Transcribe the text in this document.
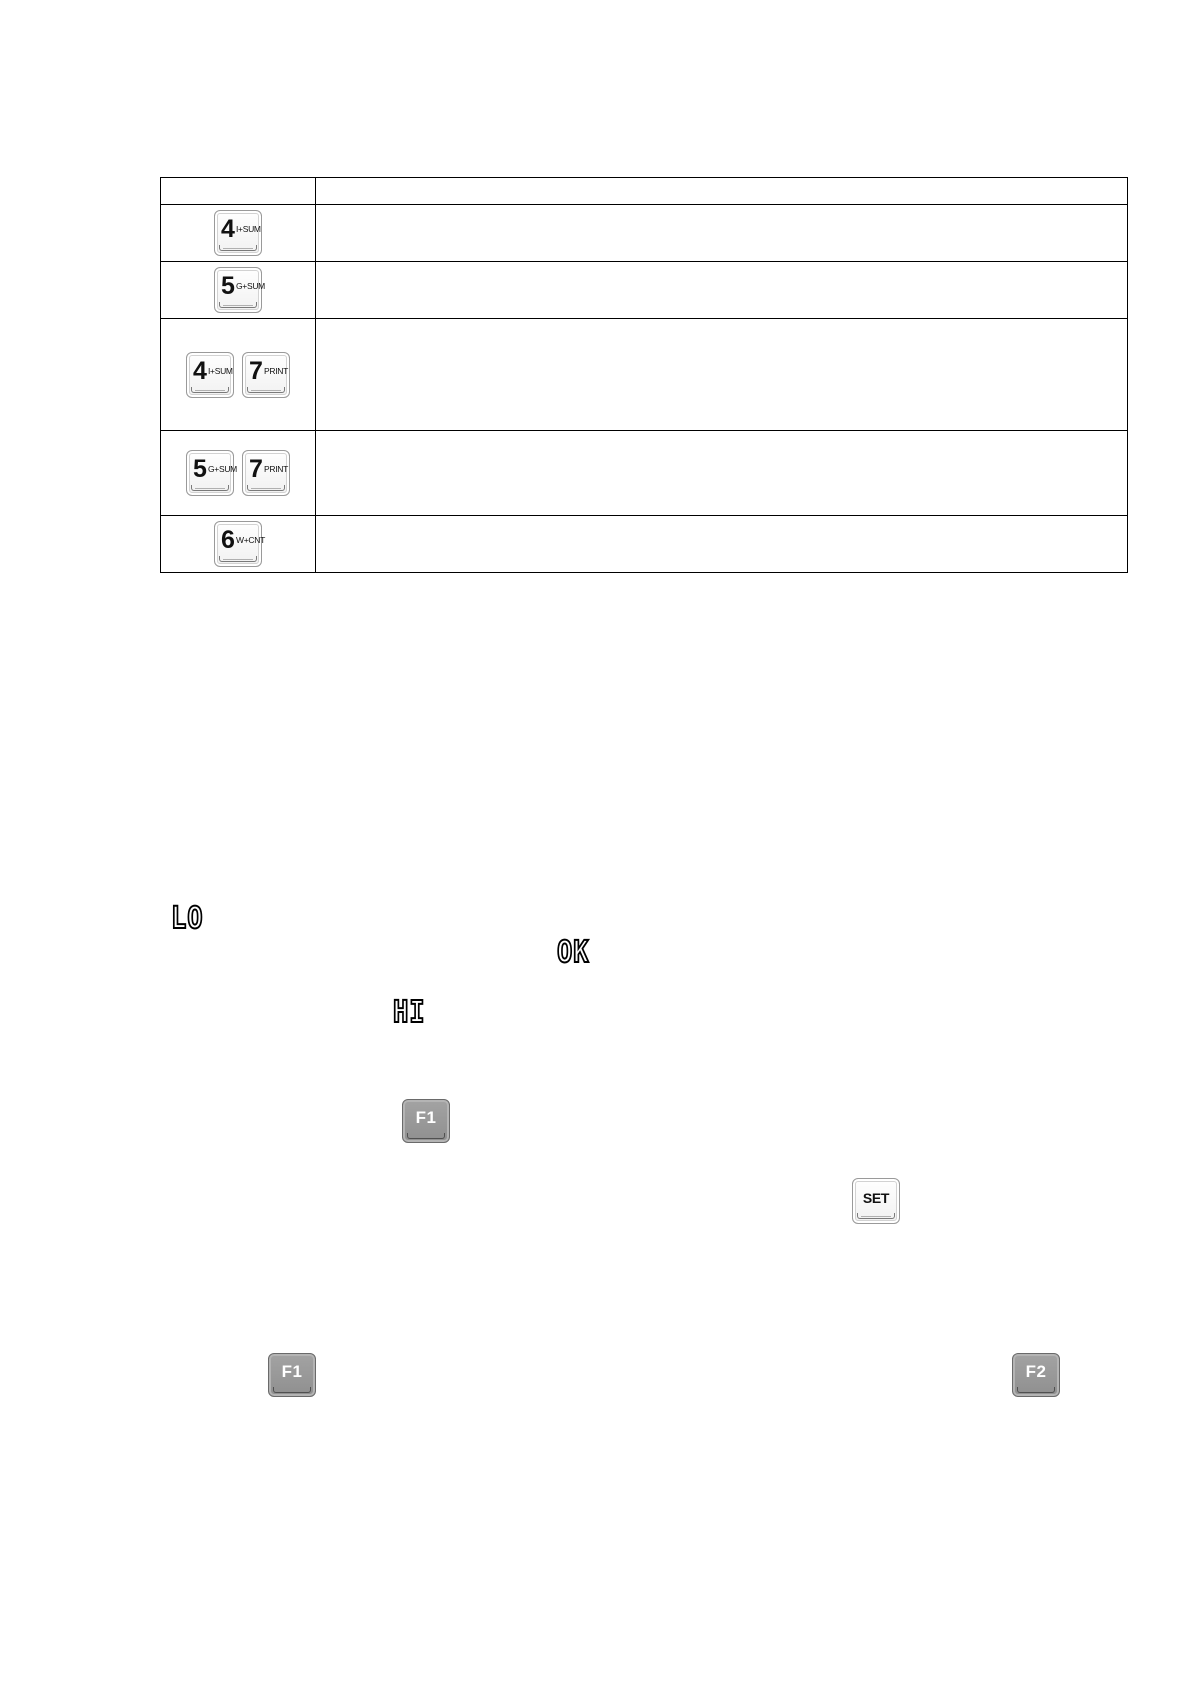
4 I+SUM	

5 G+SUM	

4 I+SUM 7 PRINT	

5 G+SUM 7 PRINT	

6 W+CNT	

LO
OK
HI
F1
SET
F1	F2
